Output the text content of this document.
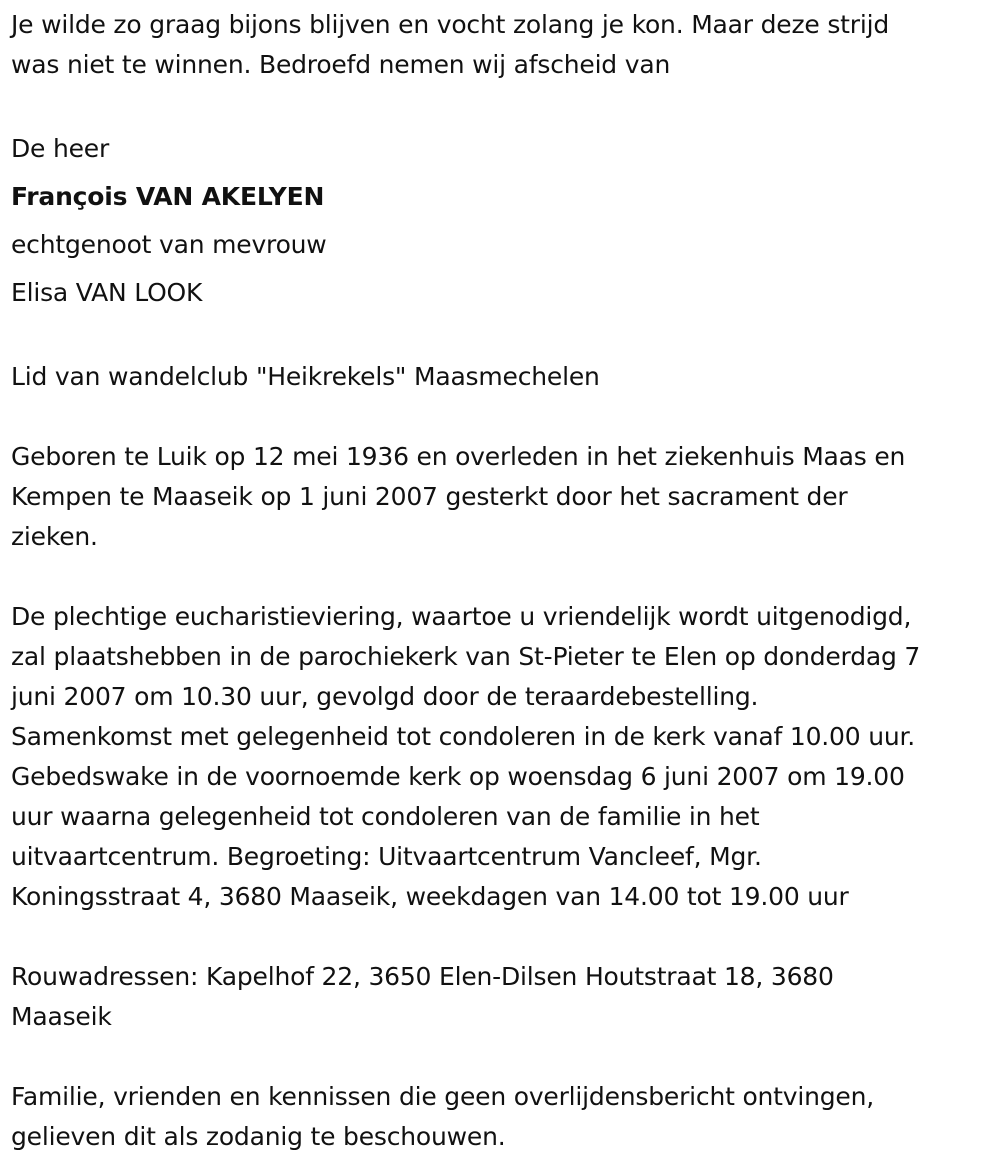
Je wilde zo graag bijons blijven en vocht zolang je kon. Maar deze strijd
was niet te winnen. Bedroefd nemen wij afscheid van

De heer

François VAN AKELYEN

echtgenoot van mevrouw

Elisa VAN LOOK

Lid van wandelclub "Heikrekels" Maasmechelen

Geboren te Luik op 12 mei 1936 en overleden in het ziekenhuis Maas en
Kempen te Maaseik op 1 juni 2007 gesterkt door het sacrament der
zieken.

De plechtige eucharistieviering, waartoe u vriendelijk wordt uitgenodigd,
zal plaatshebben in de parochiekerk van St-Pieter te Elen op donderdag 7
juni 2007 om 10.30 uur, gevolgd door de teraardebestelling.
Samenkomst met gelegenheid tot condoleren in de kerk vanaf 10.00 uur.
Gebedswake in de voornoemde kerk op woensdag 6 juni 2007 om 19.00
uur waarna gelegenheid tot condoleren van de familie in het
uitvaartcentrum. Begroeting: Uitvaartcentrum Vancleef, Mgr.
Koningsstraat 4, 3680 Maaseik, weekdagen van 14.00 tot 19.00 uur

Rouwadressen: Kapelhof 22, 3650 Elen-Dilsen Houtstraat 18, 3680
Maaseik

Familie, vrienden en kennissen die geen overlijdensbericht ontvingen,
gelieven dit als zodanig te beschouwen.
